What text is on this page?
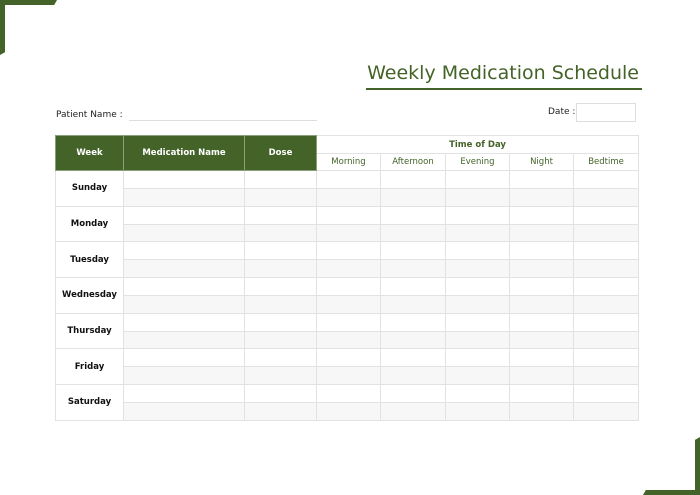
Weekly Medication Schedule
Patient Name :	Date :
Week	Medication Name	Dose	Time of Day				
			Morning	Afternoon	Evening	Night	Bedtime
Sunday							

Monday							

Tuesday							

Wednesday							

Thursday							

Friday							

Saturday							
